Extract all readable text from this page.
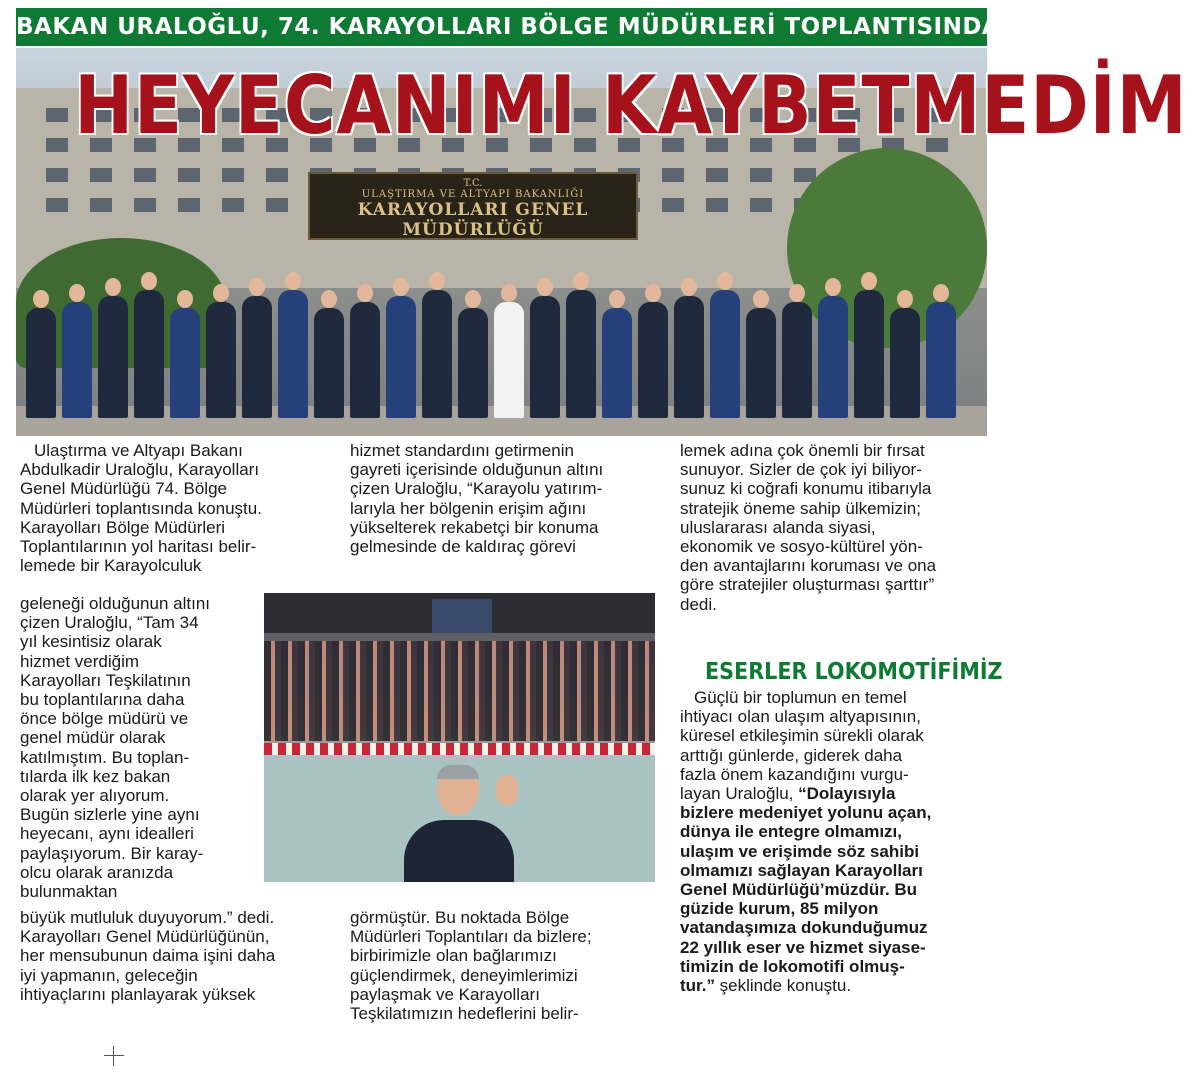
BAKAN URALOĞLU, 74. KARAYOLLARI BÖLGE MÜDÜRLERİ TOPLANTISINDA KONUŞTU
T.C.
ULAŞTIRMA VE ALTYAPI BAKANLIĞI
KARAYOLLARI GENEL MÜDÜRLÜĞÜ
HEYECANIMI KAYBETMEDİM

Ulaştırma ve Altyapı Bakanı

Abdulkadir Uraloğlu, Karayolları

Genel Müdürlüğü 74. Bölge

Müdürleri toplantısında konuştu.

Karayolları Bölge Müdürleri

Toplantılarının yol haritası belir-

lemede bir Karayolculuk

geleneği olduğunun altını

çizen Uraloğlu, “Tam 34

yıl kesintisiz olarak

hizmet verdiğim

Karayolları Teşkilatının

bu toplantılarına daha

önce bölge müdürü ve

genel müdür olarak

katılmıştım. Bu toplan-

tılarda ilk kez bakan

olarak yer alıyorum.

Bugün sizlerle yine aynı

heyecanı, aynı idealleri

paylaşıyorum. Bir karay-

olcu olarak aranızda bulunmaktan

büyük mutluluk duyuyorum.” dedi.

Karayolları Genel Müdürlüğünün,

her mensubunun daima işini daha

iyi yapmanın, geleceğin

ihtiyaçlarını planlayarak yüksek

hizmet standardını getirmenin

gayreti içerisinde olduğunun altını

çizen Uraloğlu, “Karayolu yatırım-

larıyla her bölgenin erişim ağını

yükselterek rekabetçi bir konuma

gelmesinde de kaldıraç görevi

görmüştür. Bu noktada Bölge

Müdürleri Toplantıları da bizlere;

birbirimizle olan bağlarımızı

güçlendirmek, deneyimlerimizi

paylaşmak ve Karayolları

Teşkilatımızın hedeflerini belir-

lemek adına çok önemli bir fırsat

sunuyor. Sizler de çok iyi biliyor-

sunuz ki coğrafi konumu itibarıyla

stratejik öneme sahip ülkemizin;

uluslararası alanda siyasi,

ekonomik ve sosyo-kültürel yön-

den avantajlarını koruması ve ona

göre stratejiler oluşturması şarttır”

dedi.

ESERLER LOKOMOTİFİMİZ

Güçlü bir toplumun en temel

ihtiyacı olan ulaşım altyapısının,

küresel etkileşimin sürekli olarak

arttığı günlerde, giderek daha

fazla önem kazandığını vurgu-

layan Uraloğlu, “Dolayısıyla

bizlere medeniyet yolunu açan,

dünya ile entegre olmamızı,

ulaşım ve erişimde söz sahibi

olmamızı sağlayan Karayolları

Genel Müdürlüğü’müzdür. Bu

güzide kurum, 85 milyon

vatandaşımıza dokunduğumuz

22 yıllık eser ve hizmet siyase-

timizin de lokomotifi olmuş-

tur.” şeklinde konuştu.
